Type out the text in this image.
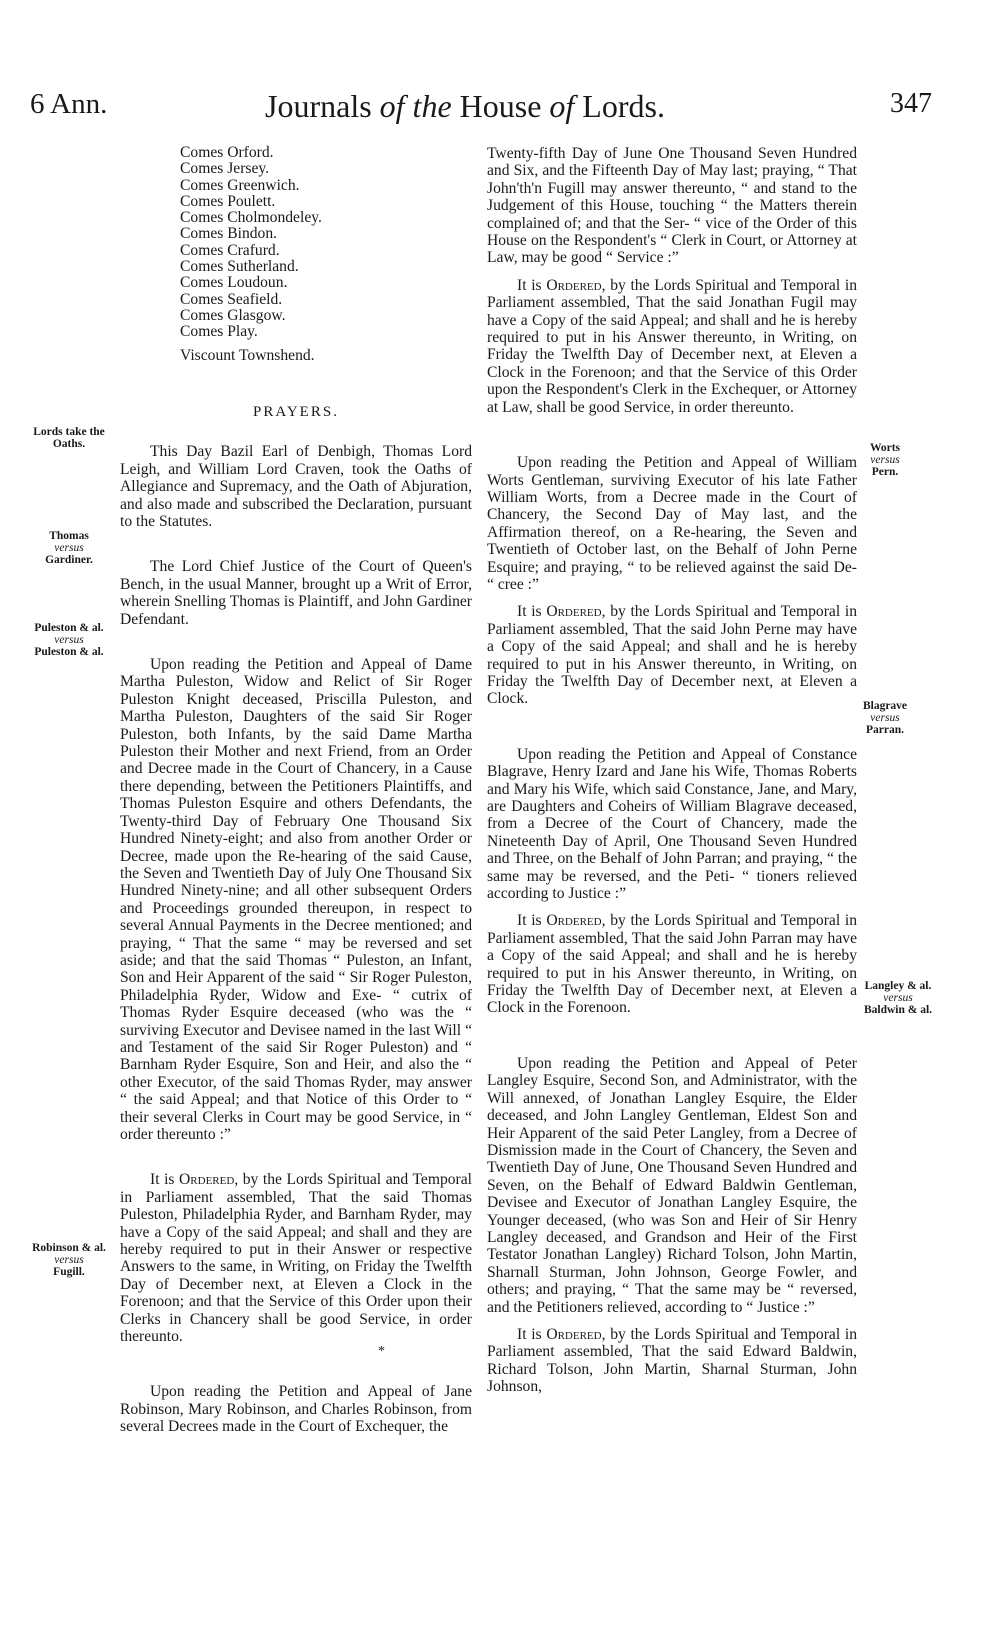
6 Ann.	Journals of the House of Lords.	347
Lords take the Oaths.
Thomas
versus
Gardiner.
Puleston & al.
versus
Puleston & al.
Robinson & al.
versus
Fugill.
Worts
versus
Pern.
Blagrave
versus
Parran.
Langley & al.
versus
Baldwin & al.
Comes Orford.
Comes Jersey.
Comes Greenwich.
Comes Poulett.
Comes Cholmondeley.
Comes Bindon.
Comes Crafurd.
Comes Sutherland.
Comes Loudoun.
Comes Seafield.
Comes Glasgow.
Comes Play.
Viscount Townshend.
PRAYERS.

This Day Bazil Earl of Denbigh, Thomas Lord Leigh, and William Lord Craven, took the Oaths of Allegiance and Supremacy, and the Oath of Abjuration, and also made and subscribed the Declaration, pursuant to the Statutes.

The Lord Chief Justice of the Court of Queen's Bench, in the usual Manner, brought up a Writ of Error, wherein Snelling Thomas is Plaintiff, and John Gardiner Defendant.

Upon reading the Petition and Appeal of Dame Martha Puleston, Widow and Relict of Sir Roger Puleston Knight deceased, Priscilla Puleston, and Martha Puleston, Daughters of the said Sir Roger Puleston, both Infants, by the said Dame Martha Puleston their Mother and next Friend, from an Order and Decree made in the Court of Chancery, in a Cause there depending, between the Petitioners Plaintiffs, and Thomas Puleston Esquire and others Defendants, the Twenty-third Day of February One Thousand Six Hundred Ninety-eight; and also from another Order or Decree, made upon the Re-hearing of the said Cause, the Seven and Twentieth Day of July One Thousand Six Hundred Ninety-nine; and all other subsequent Orders and Proceedings grounded thereupon, in respect to several Annual Payments in the Decree mentioned; and praying, “ That the same “ may be reversed and set aside; and that the said Thomas “ Puleston, an Infant, Son and Heir Apparent of the said “ Sir Roger Puleston, Philadelphia Ryder, Widow and Exe- “ cutrix of Thomas Ryder Esquire deceased (who was the “ surviving Executor and Devisee named in the last Will “ and Testament of the said Sir Roger Puleston) and “ Barnham Ryder Esquire, Son and Heir, and also the “ other Executor, of the said Thomas Ryder, may answer “ the said Appeal; and that Notice of this Order to “ their several Clerks in Court may be good Service, in “ order thereunto :”

It is Ordered, by the Lords Spiritual and Temporal in Parliament assembled, That the said Thomas Puleston, Philadelphia Ryder, and Barnham Ryder, may have a Copy of the said Appeal; and shall and they are hereby required to put in their Answer or respective Answers to the same, in Writing, on Friday the Twelfth Day of December next, at Eleven a Clock in the Forenoon; and that the Service of this Order upon their Clerks in Chancery shall be good Service, in order thereunto.

Upon reading the Petition and Appeal of Jane Robinson, Mary Robinson, and Charles Robinson, from several Decrees made in the Court of Exchequer, the

Twenty-fifth Day of June One Thousand Seven Hundred and Six, and the Fifteenth Day of May last; praying, “ That John'th'n Fugill may answer thereunto, “ and stand to the Judgement of this House, touching “ the Matters therein complained of; and that the Ser- “ vice of the Order of this House on the Respondent's “ Clerk in Court, or Attorney at Law, may be good “ Service :”

It is Ordered, by the Lords Spiritual and Temporal in Parliament assembled, That the said Jonathan Fugil may have a Copy of the said Appeal; and shall and he is hereby required to put in his Answer thereunto, in Writing, on Friday the Twelfth Day of December next, at Eleven a Clock in the Forenoon; and that the Service of this Order upon the Respondent's Clerk in the Exchequer, or Attorney at Law, shall be good Service, in order thereunto.

Upon reading the Petition and Appeal of William Worts Gentleman, surviving Executor of his late Father William Worts, from a Decree made in the Court of Chancery, the Second Day of May last, and the Affirmation thereof, on a Re-hearing, the Seven and Twentieth of October last, on the Behalf of John Perne Esquire; and praying, “ to be relieved against the said De- “ cree :”

It is Ordered, by the Lords Spiritual and Temporal in Parliament assembled, That the said John Perne may have a Copy of the said Appeal; and shall and he is hereby required to put in his Answer thereunto, in Writing, on Friday the Twelfth Day of December next, at Eleven a Clock.

Upon reading the Petition and Appeal of Constance Blagrave, Henry Izard and Jane his Wife, Thomas Roberts and Mary his Wife, which said Constance, Jane, and Mary, are Daughters and Coheirs of William Blagrave deceased, from a Decree of the Court of Chancery, made the Nineteenth Day of April, One Thousand Seven Hundred and Three, on the Behalf of John Parran; and praying, “ the same may be reversed, and the Peti- “ tioners relieved according to Justice :”

It is Ordered, by the Lords Spiritual and Temporal in Parliament assembled, That the said John Parran may have a Copy of the said Appeal; and shall and he is hereby required to put in his Answer thereunto, in Writing, on Friday the Twelfth Day of December next, at Eleven a Clock in the Forenoon.

Upon reading the Petition and Appeal of Peter Langley Esquire, Second Son, and Administrator, with the Will annexed, of Jonathan Langley Esquire, the Elder deceased, and John Langley Gentleman, Eldest Son and Heir Apparent of the said Peter Langley, from a Decree of Dismission made in the Court of Chancery, the Seven and Twentieth Day of June, One Thousand Seven Hundred and Seven, on the Behalf of Edward Baldwin Gentleman, Devisee and Executor of Jonathan Langley Esquire, the Younger deceased, (who was Son and Heir of Sir Henry Langley deceased, and Grandson and Heir of the First Testator Jonathan Langley) Richard Tolson, John Martin, Sharnall Sturman, John Johnson, George Fowler, and others; and praying, “ That the same may be “ reversed, and the Petitioners relieved, according to “ Justice :”

It is Ordered, by the Lords Spiritual and Temporal in Parliament assembled, That the said Edward Baldwin, Richard Tolson, John Martin, Sharnal Sturman, John Johnson,

*
